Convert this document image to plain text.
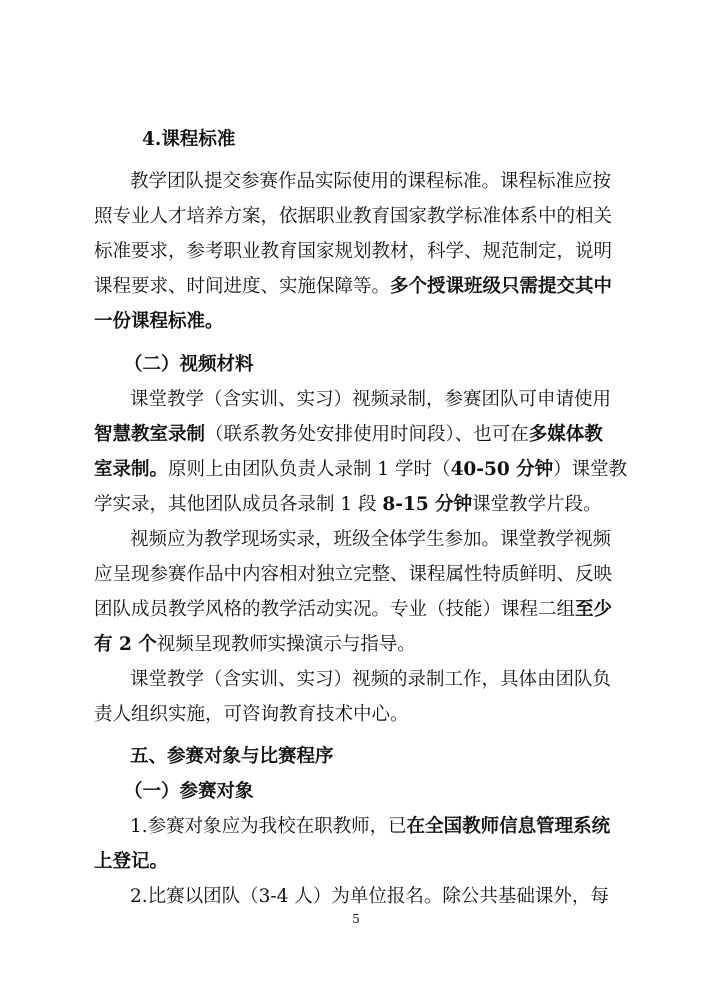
4.课程标准
教学团队提交参赛作品实际使用的课程标准。课程标准应按
照专业人才培养方案，依据职业教育国家教学标准体系中的相关
标准要求，参考职业教育国家规划教材，科学、规范制定，说明
课程要求、时间进度、实施保障等。多个授课班级只需提交其中
一份课程标准。
（二）视频材料
课堂教学（含实训、实习）视频录制，参赛团队可申请使用
智慧教室录制（联系教务处安排使用时间段）、也可在多媒体教
室录制。原则上由团队负责人录制 1 学时（40-50 分钟）课堂教
学实录，其他团队成员各录制 1 段 8-15 分钟课堂教学片段。
视频应为教学现场实录，班级全体学生参加。课堂教学视频
应呈现参赛作品中内容相对独立完整、课程属性特质鲜明、反映
团队成员教学风格的教学活动实况。专业（技能）课程二组至少
有 2 个视频呈现教师实操演示与指导。
课堂教学（含实训、实习）视频的录制工作，具体由团队负
责人组织实施，可咨询教育技术中心。
五、参赛对象与比赛程序
（一）参赛对象
1.参赛对象应为我校在职教师，已在全国教师信息管理系统
上登记。
2.比赛以团队（3-4 人）为单位报名。除公共基础课外，每
5
